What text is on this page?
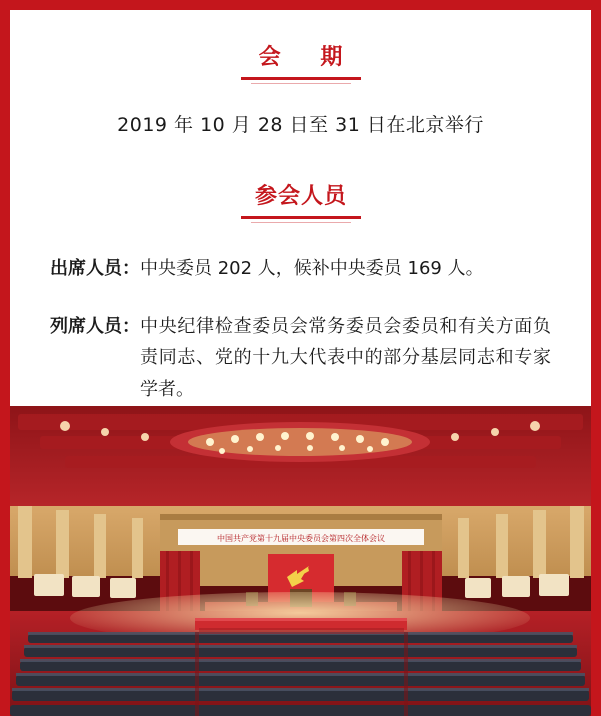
会 期
2019 年 10 月 28 日至 31 日在北京举行
参会人员
出席人员： 中央委员 202 人，候补中央委员 169 人。
列席人员： 中央纪律检查委员会常务委员会委员和有关方面负责同志、党的十九大代表中的部分基层同志和专家学者。
中国共产党第十九届中央委员会第四次全体会议
